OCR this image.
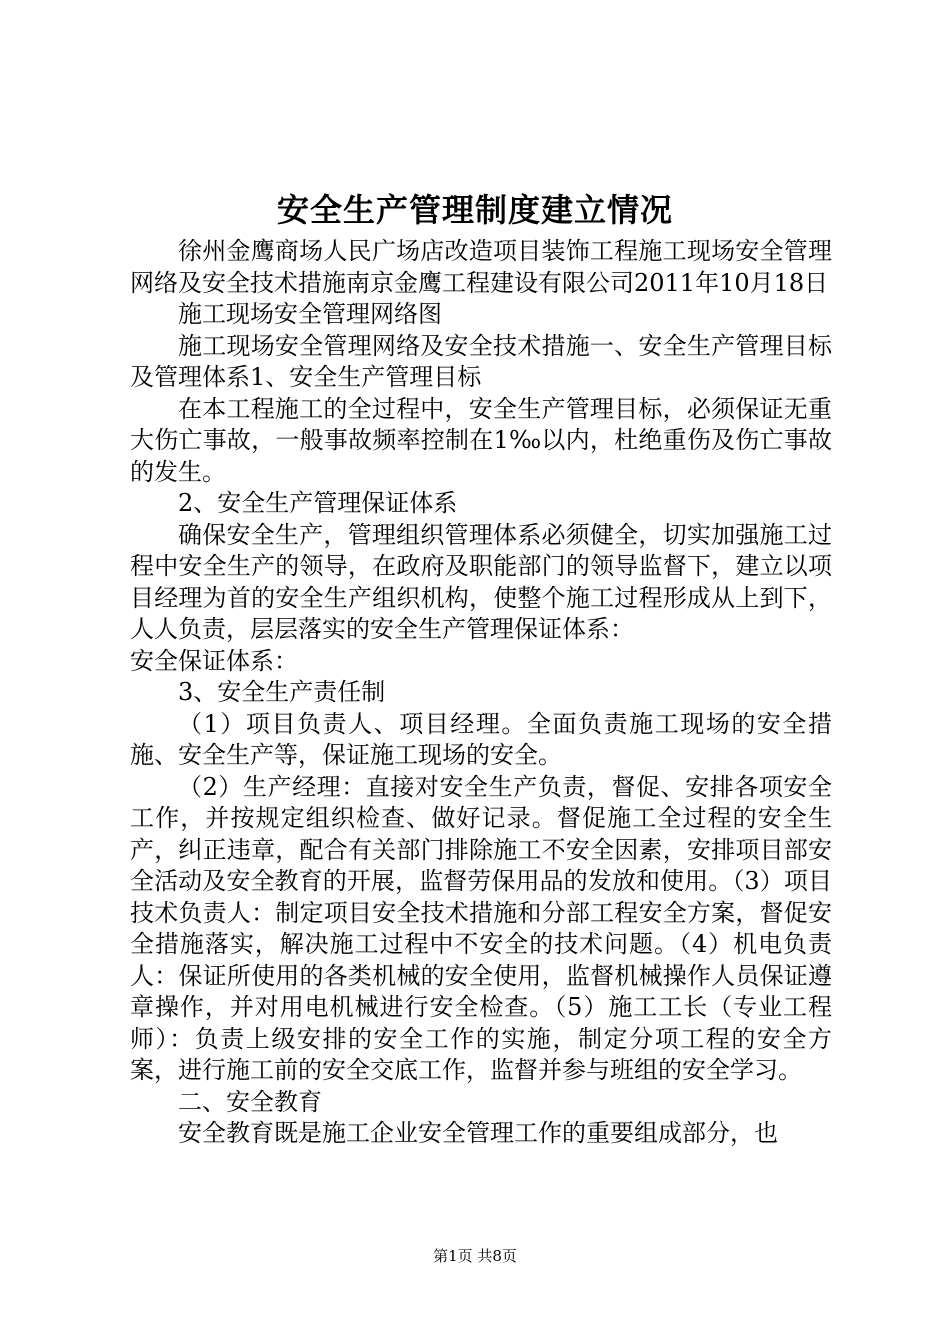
安全生产管理制度建立情况

徐州金鹰商场人民广场店改造项目装饰工程施工现场安全管理网络及安全技术措施南京金鹰工程建设有限公司2011年10月18日

施工现场安全管理网络图

施工现场安全管理网络及安全技术措施一、安全生产管理目标及管理体系1、安全生产管理目标

在本工程施工的全过程中，安全生产管理目标，必须保证无重大伤亡事故，一般事故频率控制在1‰以内，杜绝重伤及伤亡事故的发生。

2、安全生产管理保证体系

确保安全生产，管理组织管理体系必须健全，切实加强施工过程中安全生产的领导，在政府及职能部门的领导监督下，建立以项目经理为首的安全生产组织机构，使整个施工过程形成从上到下，人人负责，层层落实的安全生产管理保证体系：

安全保证体系：

3、安全生产责任制

（1）项目负责人、项目经理。全面负责施工现场的安全措施、安全生产等，保证施工现场的安全。

（2）生产经理：直接对安全生产负责，督促、安排各项安全工作，并按规定组织检查、做好记录。督促施工全过程的安全生产，纠正违章，配合有关部门排除施工不安全因素，安排项目部安全活动及安全教育的开展，监督劳保用品的发放和使用。（3）项目技术负责人：制定项目安全技术措施和分部工程安全方案，督促安全措施落实，解决施工过程中不安全的技术问题。（4）机电负责人：保证所使用的各类机械的安全使用，监督机械操作人员保证遵章操作，并对用电机械进行安全检查。（5）施工工长（专业工程师）：负责上级安排的安全工作的实施，制定分项工程的安全方案，进行施工前的安全交底工作，监督并参与班组的安全学习。

二、安全教育

安全教育既是施工企业安全管理工作的重要组成部分，也

第1页 共8页
